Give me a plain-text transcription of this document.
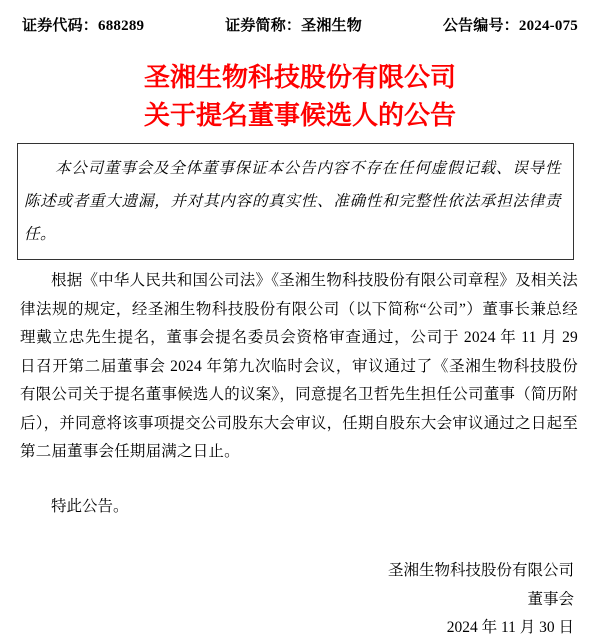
证券代码：688289	证券简称：圣湘生物	公告编号：2024-075
圣湘生物科技股份有限公司
关于提名董事候选人的公告

本公司董事会及全体董事保证本公告内容不存在任何虚假记载、误导性陈述或者重大遗漏，并对其内容的真实性、准确性和完整性依法承担法律责任。

根据《中华人民共和国公司法》《圣湘生物科技股份有限公司章程》及相关法律法规的规定，经圣湘生物科技股份有限公司（以下简称“公司”）董事长兼总经理戴立忠先生提名，董事会提名委员会资格审查通过，公司于 2024 年 11 月 29 日召开第二届董事会 2024 年第九次临时会议，审议通过了《圣湘生物科技股份有限公司关于提名董事候选人的议案》，同意提名卫哲先生担任公司董事（简历附后），并同意将该事项提交公司股东大会审议，任期自股东大会审议通过之日起至第二届董事会任期届满之日止。

特此公告。

圣湘生物科技股份有限公司

董事会

2024 年 11 月 30 日
